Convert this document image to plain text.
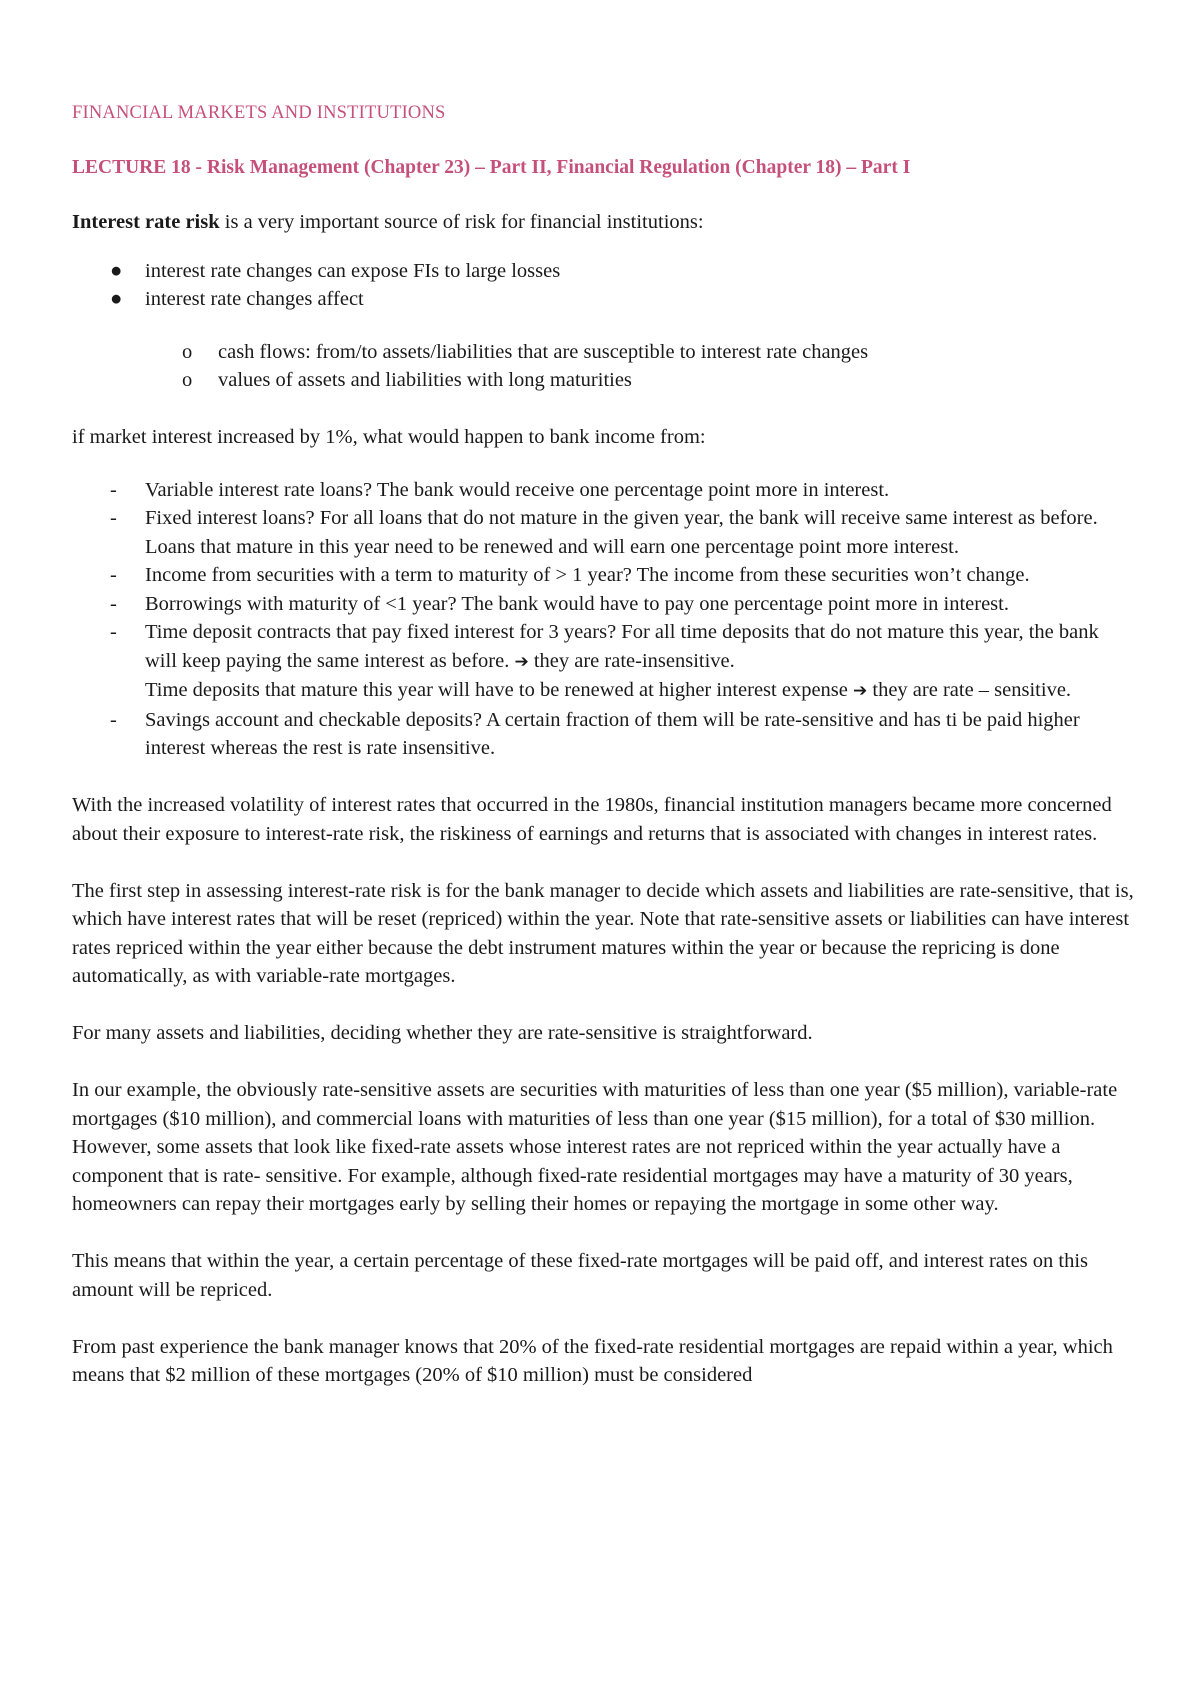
FINANCIAL MARKETS AND INSTITUTIONS

LECTURE 18 - Risk Management (Chapter 23) – Part II, Financial Regulation (Chapter 18) – Part I

Interest rate risk is a very important source of risk for financial institutions:

● interest rate changes can expose FIs to large losses
● interest rate changes affect
o cash flows: from/to assets/liabilities that are susceptible to interest rate changes
o values of assets and liabilities with long maturities

if market interest increased by 1%, what would happen to bank income from:

- Variable interest rate loans? The bank would receive one percentage point more in interest.
- Fixed interest loans? For all loans that do not mature in the given year, the bank will receive same interest as before. Loans that mature in this year need to be renewed and will earn one percentage point more interest.
- Income from securities with a term to maturity of > 1 year? The income from these securities won’t change.
- Borrowings with maturity of <1 year? The bank would have to pay one percentage point more in interest.
- Time deposit contracts that pay fixed interest for 3 years? For all time deposits that do not mature this year, the bank will keep paying the same interest as before. ➔ they are rate-insensitive.
Time deposits that mature this year will have to be renewed at higher interest expense ➔ they are rate – sensitive.
- Savings account and checkable deposits? A certain fraction of them will be rate-sensitive and has ti be paid higher interest whereas the rest is rate insensitive.

With the increased volatility of interest rates that occurred in the 1980s, financial institution managers became more concerned about their exposure to interest-rate risk, the riskiness of earnings and returns that is associated with changes in interest rates.

The first step in assessing interest-rate risk is for the bank manager to decide which assets and liabilities are rate-sensitive, that is, which have interest rates that will be reset (repriced) within the year. Note that rate-sensitive assets or liabilities can have interest rates repriced within the year either because the debt instrument matures within the year or because the repricing is done automatically, as with variable-rate mortgages.

For many assets and liabilities, deciding whether they are rate-sensitive is straightforward.

In our example, the obviously rate-sensitive assets are securities with maturities of less than one year ($5 million), variable-rate mortgages ($10 million), and commercial loans with maturities of less than one year ($15 million), for a total of $30 million. However, some assets that look like fixed-rate assets whose interest rates are not repriced within the year actually have a component that is rate- sensitive. For example, although fixed-rate residential mortgages may have a maturity of 30 years, homeowners can repay their mortgages early by selling their homes or repaying the mortgage in some other way.

This means that within the year, a certain percentage of these fixed-rate mortgages will be paid off, and interest rates on this amount will be repriced.

From past experience the bank manager knows that 20% of the fixed-rate residential mortgages are repaid within a year, which means that $2 million of these mortgages (20% of $10 million) must be considered
